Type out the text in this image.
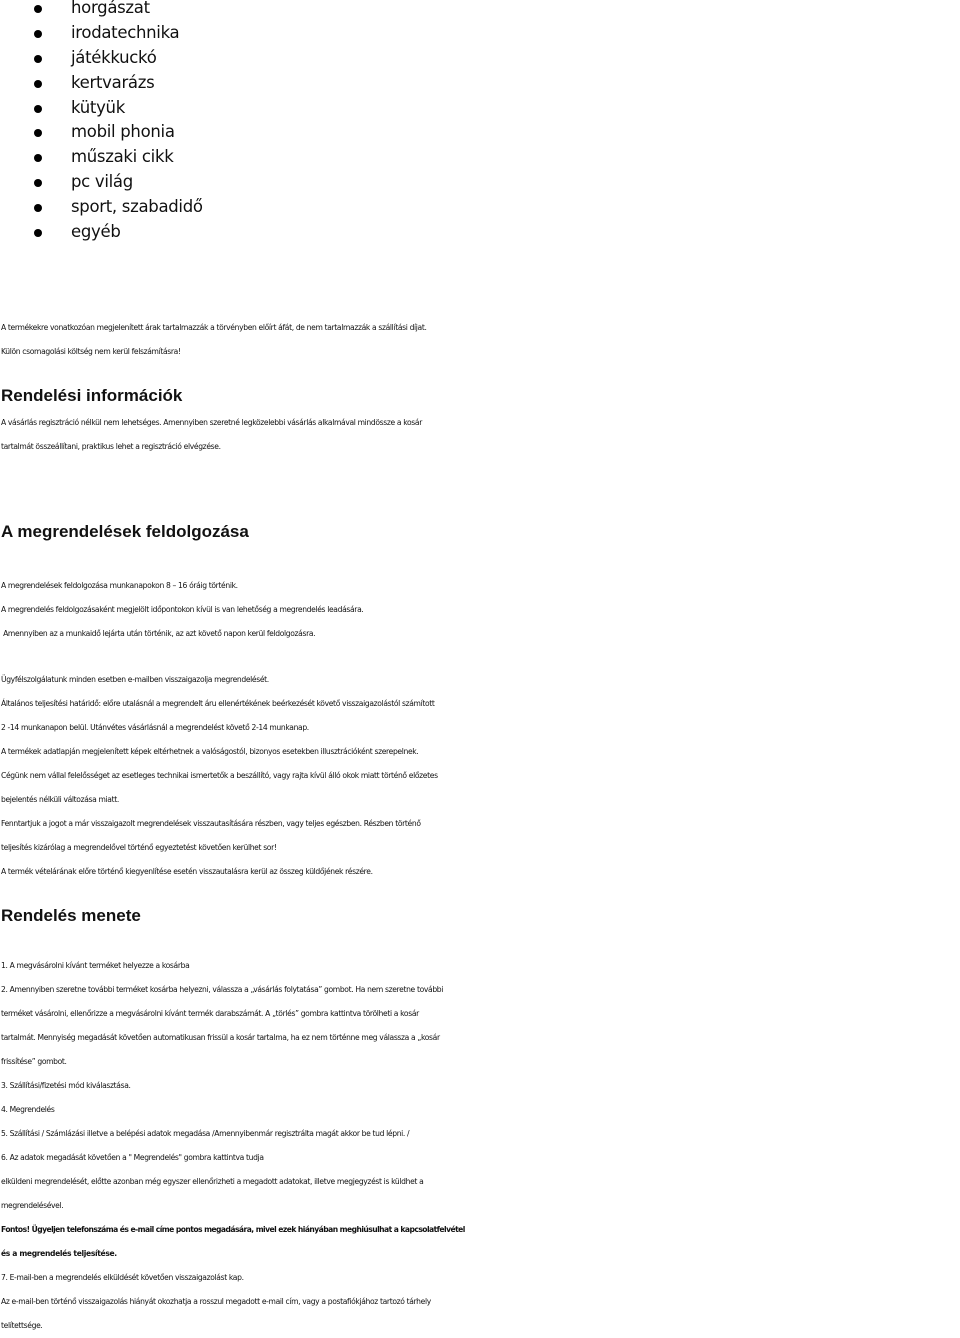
horgászat
irodatechnika
játékkuckó
kertvarázs
kütyük
mobil phonia
műszaki cikk
pc világ
sport, szabadidő
egyéb
A termékekre vonatkozóan megjelenített árak tartalmazzák a törvényben előírt áfát, de nem tartalmazzák a szállítási díjat.
Külön csomagolási költség nem kerül felszámításra!
Rendelési információk
A vásárlás regisztráció nélkül nem lehetséges. Amennyiben szeretné legközelebbi vásárlás alkalmával mindössze a kosár
tartalmát összeállítani, praktikus lehet a regisztráció elvégzése.
A megrendelések feldolgozása
A megrendelések feldolgozása munkanapokon 8 – 16 óráig történik.
A megrendelés feldolgozásaként megjelölt időpontokon kívül is van lehetőség a megrendelés leadására.
Amennyiben az a munkaidő lejárta után történik, az azt követő napon kerül feldolgozásra.
Ügyfélszolgálatunk minden esetben e-mailben visszaigazolja megrendelését.
Általános teljesítési határidő: előre utalásnál a megrendelt áru ellenértékének beérkezését követő visszaigazolástól számított
2 -14 munkanapon belül. Utánvétes vásárlásnál a megrendelést követő 2-14 munkanap.
A termékek adatlapján megjelenített képek eltérhetnek a valóságostól, bizonyos esetekben illusztrációként szerepelnek.
Cégünk nem vállal felelősséget az esetleges technikai ismertetők a beszállító, vagy rajta kívül álló okok miatt történő előzetes
bejelentés nélküli változása miatt.
Fenntartjuk a jogot a már visszaigazolt megrendelések visszautasítására részben, vagy teljes egészben. Részben történő
teljesítés kizárólag a megrendelővel történő egyeztetést követően kerülhet sor!
A termék vételárának előre történő kiegyenlítése esetén visszautalásra kerül az összeg küldőjének részére.
Rendelés menete
1. A megvásárolni kívánt terméket helyezze a kosárba
2. Amennyiben szeretne további terméket kosárba helyezni, válassza a „vásárlás folytatása” gombot. Ha nem szeretne további
terméket vásárolni, ellenőrizze a megvásárolni kívánt termék darabszámát. A „törlés” gombra kattintva törölheti a kosár
tartalmát. Mennyiség megadását követően automatikusan frissül a kosár tartalma, ha ez nem történne meg válassza a „kosár
frissítése” gombot.
3. Szállítási/fizetési mód kiválasztása.
4. Megrendelés
5. Szállítási / Számlázási illetve a belépési adatok megadása /Amennyibenmár regisztrálta magát akkor be tud lépni. /
6. Az adatok megadását követően a " Megrendelés" gombra kattintva tudja
elküldeni megrendelését, előtte azonban még egyszer ellenőrizheti a megadott adatokat, illetve megjegyzést is küldhet a
megrendelésével.
Fontos! Ügyeljen telefonszáma és e-mail címe pontos megadására, mivel ezek hiányában meghiúsulhat a kapcsolatfelvétel
és a megrendelés teljesítése.
7. E-mail-ben a megrendelés elküldését követően visszaigazolást kap.
Az e-mail-ben történő visszaigazolás hiányát okozhatja a rosszul megadott e-mail cím, vagy a postafiókjához tartozó tárhely
telítettsége.
